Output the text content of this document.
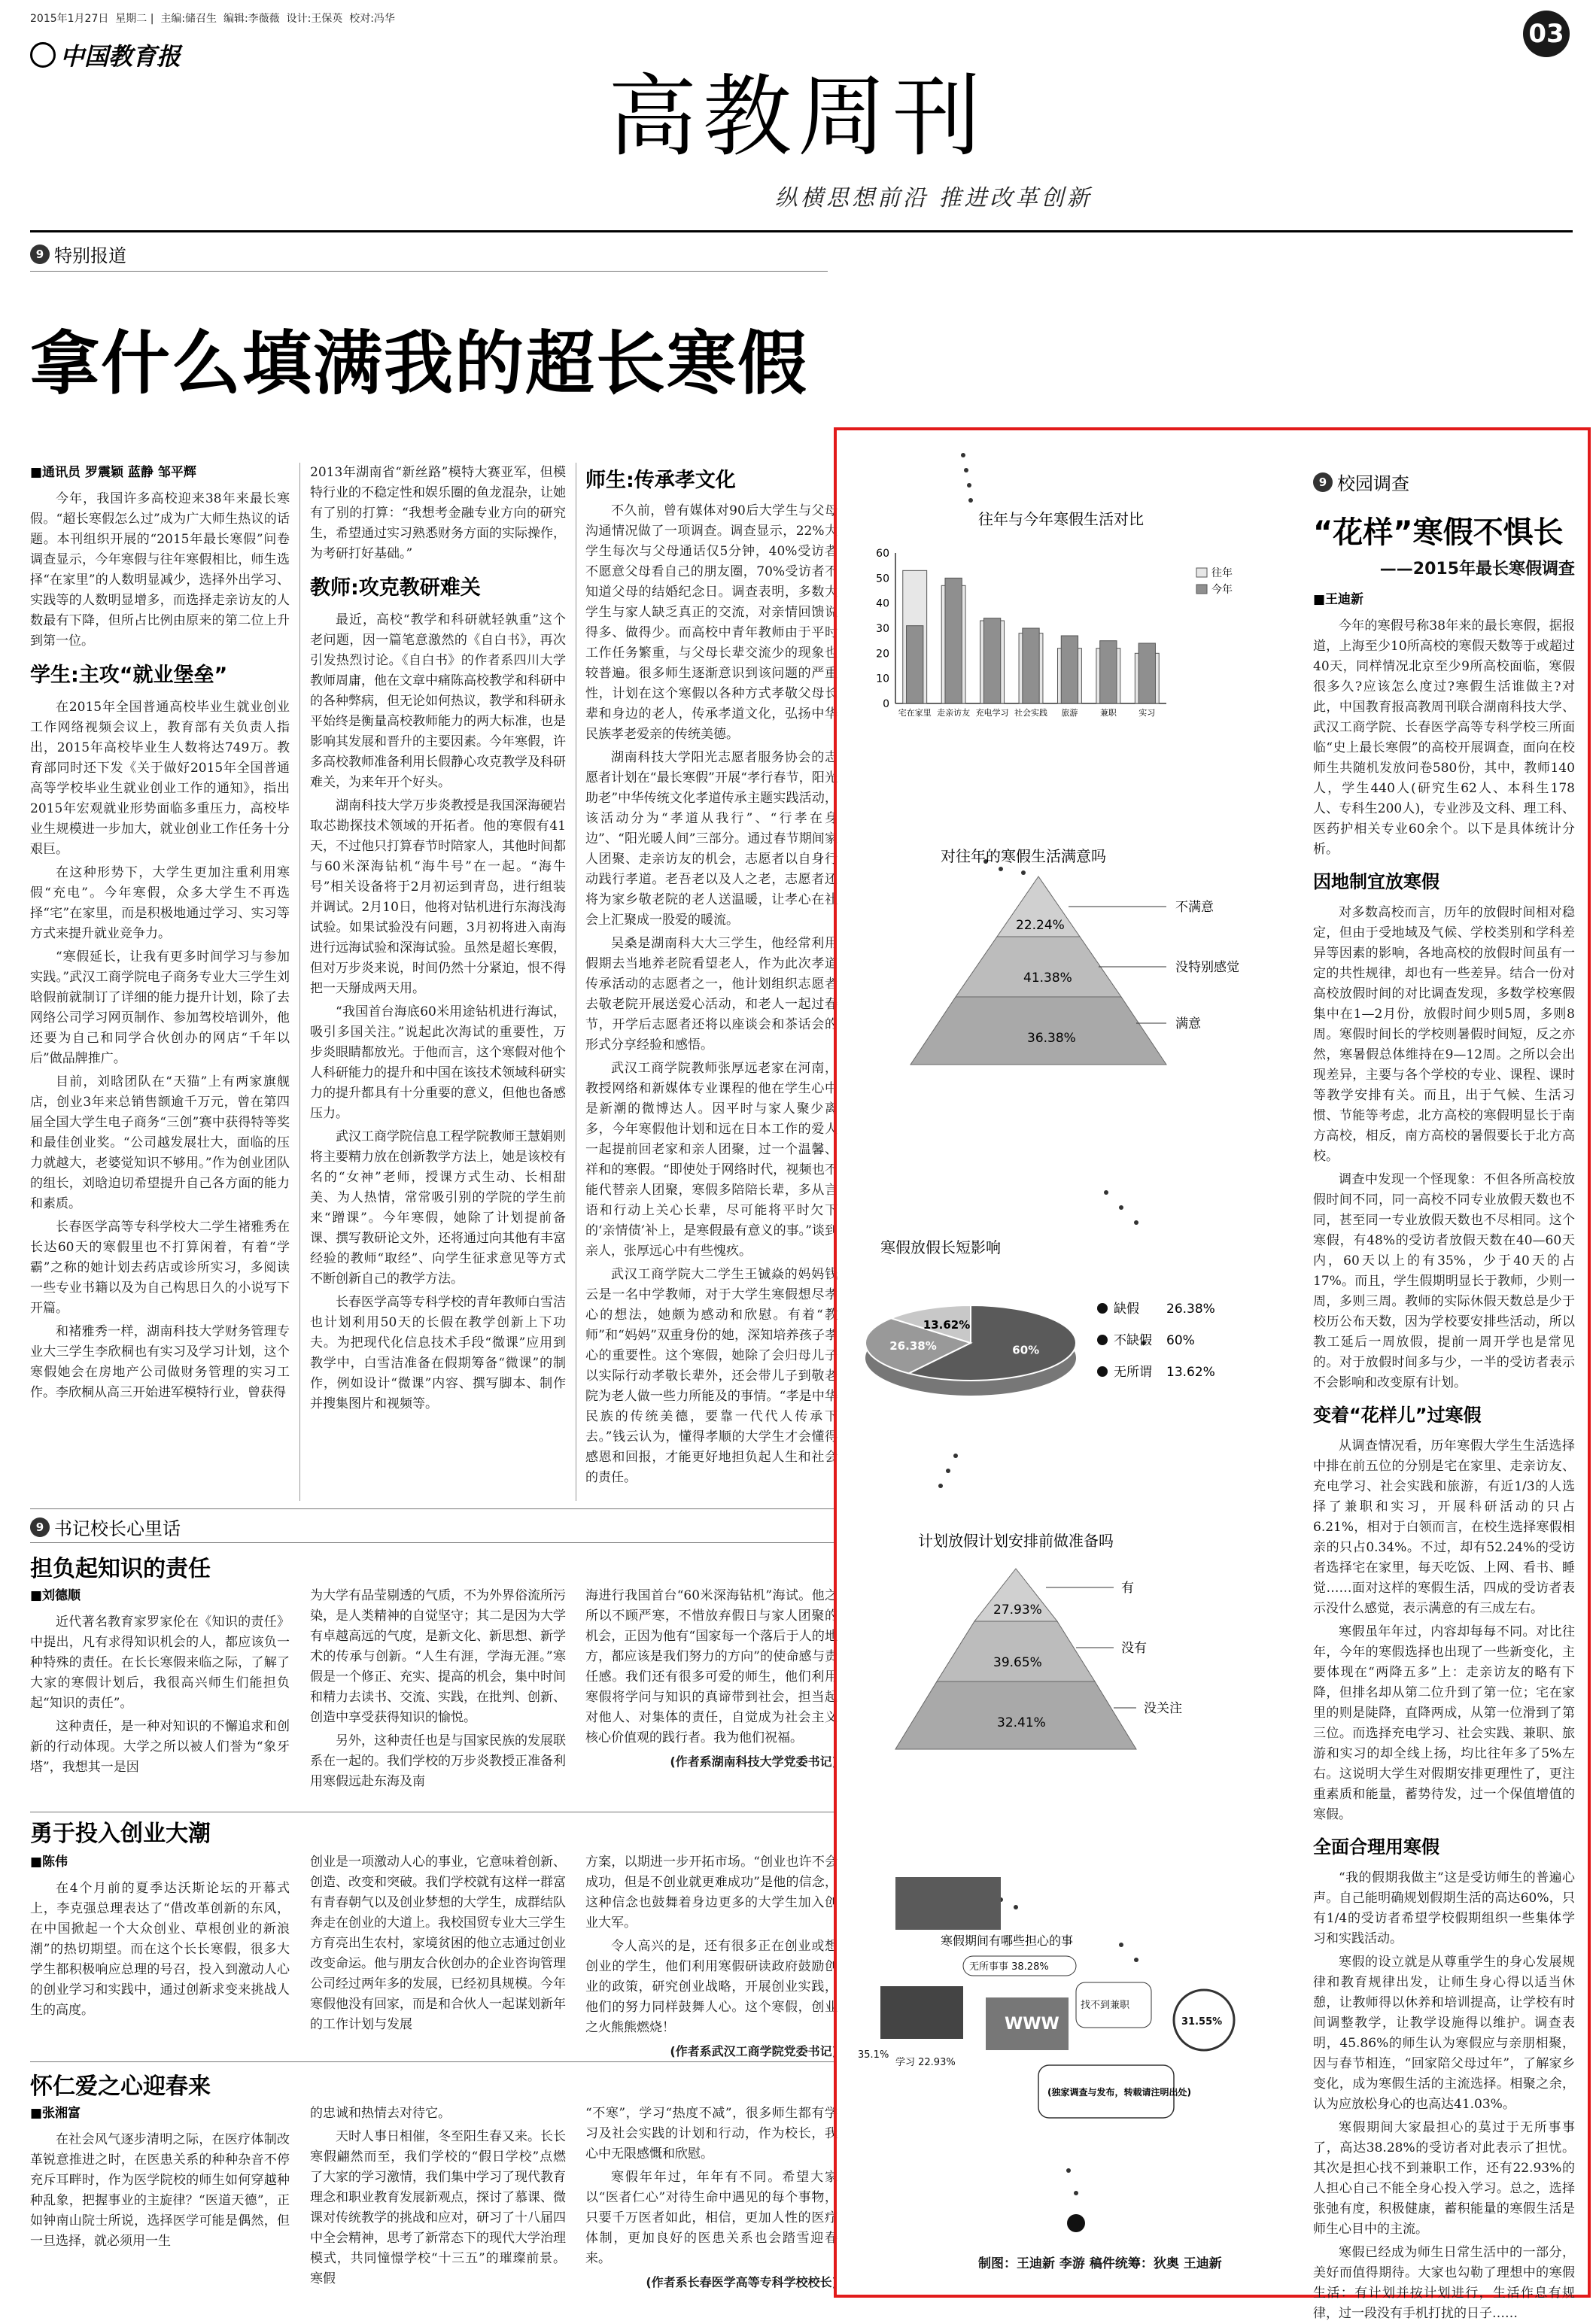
2015年1月27日 星期二 |  主编:储召生 编辑:李薇薇 设计:王保英 校对:冯华
中国教育报
03
高教周刊
纵横思想前沿 推进改革创新
9 特别报道
拿什么填满我的超长寒假
■通讯员 罗震颖 蓝静 邹平辉

今年，我国许多高校迎来38年来最长寒假。“超长寒假怎么过”成为广大师生热议的话题。本刊组织开展的“2015年最长寒假”问卷调查显示，今年寒假与往年寒假相比，师生选择“在家里”的人数明显减少，选择外出学习、实践等的人数明显增多，而选择走亲访友的人数最有下降，但所占比例由原来的第二位上升到第一位。

学生:主攻“就业堡垒”

在2015年全国普通高校毕业生就业创业工作网络视频会议上，教育部有关负责人指出，2015年高校毕业生人数将达749万。教育部同时还下发《关于做好2015年全国普通高等学校毕业生就业创业工作的通知》，指出2015年宏观就业形势面临多重压力，高校毕业生规模进一步加大，就业创业工作任务十分艰巨。

在这种形势下，大学生更加注重利用寒假“充电”。今年寒假，众多大学生不再选择“宅”在家里，而是积极地通过学习、实习等方式来提升就业竞争力。

“寒假延长，让我有更多时间学习与参加实践。”武汉工商学院电子商务专业大三学生刘晗假前就制订了详细的能力提升计划，除了去网络公司学习网页制作、参加驾校培训外，他还要为自己和同学合伙创办的网店“千年以后”做品牌推广。

目前，刘晗团队在“天猫”上有两家旗舰店，创业3年来总销售额逾千万元，曾在第四届全国大学生电子商务“三创”赛中获得特等奖和最佳创业奖。“公司越发展壮大，面临的压力就越大，老婆觉知识不够用。”作为创业团队的组长，刘晗迫切希望提升自己各方面的能力和素质。

长春医学高等专科学校大二学生褚雅秀在长达60天的寒假里也不打算闲着，有着“学霸”之称的她计划去药店或诊所实习，多阅读一些专业书籍以及为自己构思日久的小说写下开篇。

和褚雅秀一样，湖南科技大学财务管理专业大三学生李欣桐也有实习及学习计划，这个寒假她会在房地产公司做财务管理的实习工作。李欣桐从高三开始进军模特行业，曾获得

2013年湖南省“新丝路”模特大赛亚军，但模特行业的不稳定性和娱乐圈的鱼龙混杂，让她有了别的打算：“我想考金融专业方向的研究生，希望通过实习熟悉财务方面的实际操作，为考研打好基础。”

教师:攻克教研难关

最近，高校“教学和科研就轻孰重”这个老问题，因一篇笔意激然的《自白书》，再次引发热烈讨论。《自白书》的作者系四川大学教师周庸，他在文章中痛陈高校教学和科研中的各种弊病，但无论如何热议，教学和科研永平始终是衡量高校教师能力的两大标准，也是影响其发展和晋升的主要因素。今年寒假，许多高校教师准备利用长假静心攻克教学及科研难关，为来年开个好头。

湖南科技大学万步炎教授是我国深海硬岩取芯勘探技术领域的开拓者。他的寒假有41天，不过他只打算春节时陪家人，其他时间都与60米深海钻机“海牛号”在一起。“海牛号”相关设备将于2月初运到青岛，进行组装并调试。2月10日，他将对钻机进行东海浅海试验。如果试验没有问题，3月初将进入南海进行远海试验和深海试验。虽然是超长寒假，但对万步炎来说，时间仍然十分紧迫，恨不得把一天掰成两天用。

“我国首台海底60米用途钻机进行海试，吸引多国关注。”说起此次海试的重要性，万步炎眼睛都放光。于他而言，这个寒假对他个人科研能力的提升和中国在该技术领域科研实力的提升都具有十分重要的意义，但他也备感压力。

武汉工商学院信息工程学院教师王慧娟则将主要精力放在创新教学方法上，她是该校有名的“女神”老师，授课方式生动、长相甜美、为人热情，常常吸引别的学院的学生前来“蹭课”。今年寒假，她除了计划提前备课、撰写教研论文外，还将通过向其他有丰富经验的教师“取经”、向学生征求意见等方式不断创新自己的教学方法。

长春医学高等专科学校的青年教师白雪洁也计划利用50天的长假在教学创新上下功夫。为把现代化信息技术手段“微课”应用到教学中，白雪洁准备在假期筹备“微课”的制作，例如设计“微课”内容、撰写脚本、制作并搜集图片和视频等。

师生:传承孝文化

不久前，曾有媒体对90后大学生与父母沟通情况做了一项调查。调查显示，22%大学生每次与父母通话仅5分钟，40%受访者不愿意父母看自己的朋友圈，70%受访者不知道父母的结婚纪念日。调查表明，多数大学生与家人缺乏真正的交流，对亲情回馈说得多、做得少。而高校中青年教师由于平时工作任务繁重，与父母长辈交流少的现象也较普遍。很多师生逐渐意识到该问题的严重性，计划在这个寒假以各种方式孝敬父母长辈和身边的老人，传承孝道文化，弘扬中华民族孝老爱亲的传统美德。

湖南科技大学阳光志愿者服务协会的志愿者计划在“最长寒假”开展“孝行春节，阳光助老”中华传统文化孝道传承主题实践活动，该活动分为“孝道从我行”、“行孝在身边”、“阳光暖人间”三部分。通过春节期间家人团聚、走亲访友的机会，志愿者以自身行动践行孝道。老吾老以及人之老，志愿者还将为家乡敬老院的老人送温暖，让孝心在社会上汇聚成一股爱的暖流。

吴桑是湖南科大大三学生，他经常利用假期去当地养老院看望老人，作为此次孝道传承活动的志愿者之一，他计划组织志愿者去敬老院开展送爱心活动，和老人一起过春节，开学后志愿者还将以座谈会和茶话会的形式分享经验和感悟。

武汉工商学院教师张厚远老家在河南，教授网络和新媒体专业课程的他在学生心中是新潮的微博达人。因平时与家人聚少离多，今年寒假他计划和远在日本工作的爱人一起提前回老家和亲人团聚，过一个温馨、祥和的寒假。“即使处于网络时代，视频也不能代替亲人团聚，寒假多陪陪长辈，多从言语和行动上关心长辈，尽可能将平时欠下的‘亲情债’补上，是寒假最有意义的事。”谈到亲人，张厚远心中有些愧疚。

武汉工商学院大二学生王铖焱的妈妈钱云是一名中学教师，对于大学生寒假想尽孝心的想法，她颇为感动和欣慰。有着“教师”和“妈妈”双重身份的她，深知培养孩子孝心的重要性。这个寒假，她除了会归母儿子以实际行动孝敬长辈外，还会带儿子到敬老院为老人做一些力所能及的事情。“孝是中华民族的传统美德，要靠一代代人传承下去。”钱云认为，懂得孝顺的大学生才会懂得感恩和回报，才能更好地担负起人生和社会的责任。

9 书记校长心里话
担负起知识的责任
■刘德顺

近代著名教育家罗家伦在《知识的责任》中提出，凡有求得知识机会的人，都应该负一种特殊的责任。在长长寒假来临之际，了解了大家的寒假计划后，我很高兴师生们能担负起“知识的责任”。

这种责任，是一种对知识的不懈追求和创新的行动体现。大学之所以被人们誉为“象牙塔”，我想其一是因

为大学有品莹剔透的气质，不为外界俗流所污染，是人类精神的自觉坚守；其二是因为大学有卓越高远的气度，是新文化、新思想、新学术的传承与创新。“人生有涯，学海无涯。”寒假是一个修正、充实、提高的机会，集中时间和精力去读书、交流、实践，在批判、创新、创造中享受获得知识的愉悦。

另外，这种责任也是与国家民族的发展联系在一起的。我们学校的万步炎教授正准备利用寒假远赴东海及南

海进行我国首台“60米深海钻机”海试。他之所以不顾严寒，不惜放弃假日与家人团聚的机会，正因为他有“国家每一个落后于人的地方，都应该是我们努力的方向”的使命感与责任感。我们还有很多可爱的师生，他们利用寒假将学问与知识的真谛带到社会，担当起对他人、对集体的责任，自觉成为社会主义核心价值观的践行者。我为他们祝福。

(作者系湖南科技大学党委书记)
勇于投入创业大潮
■陈伟

在4个月前的夏季达沃斯论坛的开幕式上，李克强总理表达了“借改革创新的东风，在中国掀起一个大众创业、草根创业的新浪潮”的热切期望。而在这个长长寒假，很多大学生都积极响应总理的号召，投入到激动人心的创业学习和实践中，通过创新求变来挑战人生的高度。

创业是一项激动人心的事业，它意味着创新、创造、改变和突破。我们学校就有这样一群富有青春朝气以及创业梦想的大学生，成群结队奔走在创业的大道上。我校国贸专业大三学生方育亮出生农村，家境贫困的他立志通过创业改变命运。他与朋友合伙创办的企业咨询管理公司经过两年多的发展，已经初具规模。今年寒假他没有回家，而是和合伙人一起谋划新年的工作计划与发展

方案，以期进一步开拓市场。“创业也许不会成功，但是不创业就更难成功”是他的信念，这种信念也鼓舞着身边更多的大学生加入创业大军。

令人高兴的是，还有很多正在创业或想创业的学生，他们利用寒假研读政府鼓励创业的政策，研究创业战略，开展创业实践，他们的努力同样鼓舞人心。这个寒假，创业之火熊熊燃烧！

(作者系武汉工商学院党委书记)
怀仁爱之心迎春来
■张湘富

在社会风气逐步清明之际，在医疗体制改革锐意推进之时，在医患关系的种种杂音不停充斥耳畔时，作为医学院校的师生如何穿越种种乱象，把握事业的主旋律？“医道天德”，正如钟南山院士所说，选择医学可能是偶然，但一旦选择，就必须用一生

的忠诚和热情去对待它。

天时人事日相催，冬至阳生春又来。长长寒假翩然而至，我们学校的“假日学校”点燃了大家的学习激情，我们集中学习了现代教育理念和职业教育发展新观点，探讨了慕课、微课对传统教学的挑战和应对，研习了十八届四中全会精神，思考了新常态下的现代大学治理模式，共同憧憬学校“十三五”的璀璨前景。寒假

“不寒”，学习“热度不减”，很多师生都有学习及社会实践的计划和行动，作为校长，我心中无限感慨和欣慰。

寒假年年过，年年有不同。希望大家以“医者仁心”对待生命中遇见的每个事物，只要千万医者如此，相信，更加人性的医疗体制，更加良好的医患关系也会踏雪迎春来。

(作者系长春医学高等专科学校校长)
往年与今年寒假生活对比
0
10
20
30
40
50
60
宅在家里 走亲访友 充电学习 社会实践 旅游	兼职	实习
往年
今年
对往年的寒假生活满意吗
22.24%
41.38%
36.38%
不满意
没特别感觉
满意
寒假放假长短影响
60%
26.38%
13.62%
缺假 26.38%
不缺假 60%
无所谓 13.62%
计划放假计划安排前做准备吗
27.93%
39.65%
32.41%
有
没有
没关注
寒假期间有哪些担心的事
无所事事 38.28%
WWW
找不到兼职
31.55%
学习 22.93%
35.1%
(独家调查与发布，转载请注明出处)
制图：王迪新 李游 稿件统筹：狄奥 王迪新
9 校园调查
“花样”寒假不惧长
——2015年最长寒假调查
■王迪新

今年的寒假号称38年来的最长寒假，据报道，上海至少10所高校的寒假天数等于或超过40天，同样情况北京至少9所高校面临，寒假很多久?应该怎么度过?寒假生活谁做主?对此，中国教育报高教周刊联合湖南科技大学、武汉工商学院、长春医学高等专科学校三所面临“史上最长寒假”的高校开展调查，面向在校师生共随机发放问卷580份，其中，教师140人，学生440人(研究生62人、本科生178人、专科生200人)，专业涉及文科、理工科、医药护相关专业60余个。以下是具体统计分析。

因地制宜放寒假

对多数高校而言，历年的放假时间相对稳定，但由于受地域及气候、学校类别和学科差异等因素的影响，各地高校的放假时间虽有一定的共性规律，却也有一些差异。结合一份对高校放假时间的对比调查发现，多数学校寒假集中在1—2月份，放假时间少则5周，多则8周。寒假时间长的学校则暑假时间短，反之亦然，寒暑假总体维持在9—12周。之所以会出现差异，主要与各个学校的专业、课程、课时等教学安排有关。而且，出于气候、生活习惯、节能等考虑，北方高校的寒假明显长于南方高校，相反，南方高校的暑假要长于北方高校。

调查中发现一个怪现象：不但各所高校放假时间不同，同一高校不同专业放假天数也不同，甚至同一专业放假天数也不尽相同。这个寒假，有48%的受访者放假天数在40—60天内，60天以上的有35%，少于40天的占17%。而且，学生假期明显长于教师，少则一周，多则三周。教师的实际休假天数总是少于校历公布天数，因为学校要安排些活动，所以教工延后一周放假，提前一周开学也是常见的。对于放假时间多与少，一半的受访者表示不会影响和改变原有计划。

变着“花样儿”过寒假

从调查情况看，历年寒假大学生生活选择中排在前五位的分别是宅在家里、走亲访友、充电学习、社会实践和旅游，有近1/3的人选择了兼职和实习，开展科研活动的只占6.21%，相对于白领而言，在校生选择寒假相亲的只占0.34%。不过，却有52.24%的受访者选择宅在家里，每天吃饭、上网、看书、睡觉……面对这样的寒假生活，四成的受访者表示没什么感觉，表示满意的有三成左右。

寒假虽年年过，内容却每每不同。对比往年，今年的寒假选择也出现了一些新变化，主要体现在“两降五多”上：走亲访友的略有下降，但排名却从第二位升到了第一位；宅在家里的则是陡降，直降两成，从第一位滑到了第三位。而选择充电学习、社会实践、兼职、旅游和实习的却全线上扬，均比往年多了5%左右。这说明大学生对假期安排更理性了，更注重素质和能量，蓄势待发，过一个保值增值的寒假。

全面合理用寒假

“我的假期我做主”这是受访师生的普遍心声。自己能明确规划假期生活的高达60%，只有1/4的受访者希望学校假期组织一些集体学习和实践活动。

寒假的设立就是从尊重学生的身心发展规律和教育规律出发，让师生身心得以适当休憩，让教师得以休养和培训提高，让学校有时间调整教学，让教学设施得以维护。调查表明，45.86%的师生认为寒假应与亲朋相聚，因与春节相连，“回家陪父母过年”，了解家乡变化，成为寒假生活的主流选择。相聚之余，认为应放松身心的也高达41.03%。

寒假期间大家最担心的莫过于无所事事了，高达38.28%的受访者对此表示了担忧。其次是担心找不到兼职工作，还有22.93%的人担心自己不能全身心投入学习。总之，选择张弛有度，积极健康，蓄积能量的寒假生活是师生心目中的主流。

寒假已经成为师生日常生活中的一部分，美好而值得期待。大家也勾勒了理想中的寒假生活：有计划并按计划进行，生活作息有规律，过一段没有手机打扰的日子……
